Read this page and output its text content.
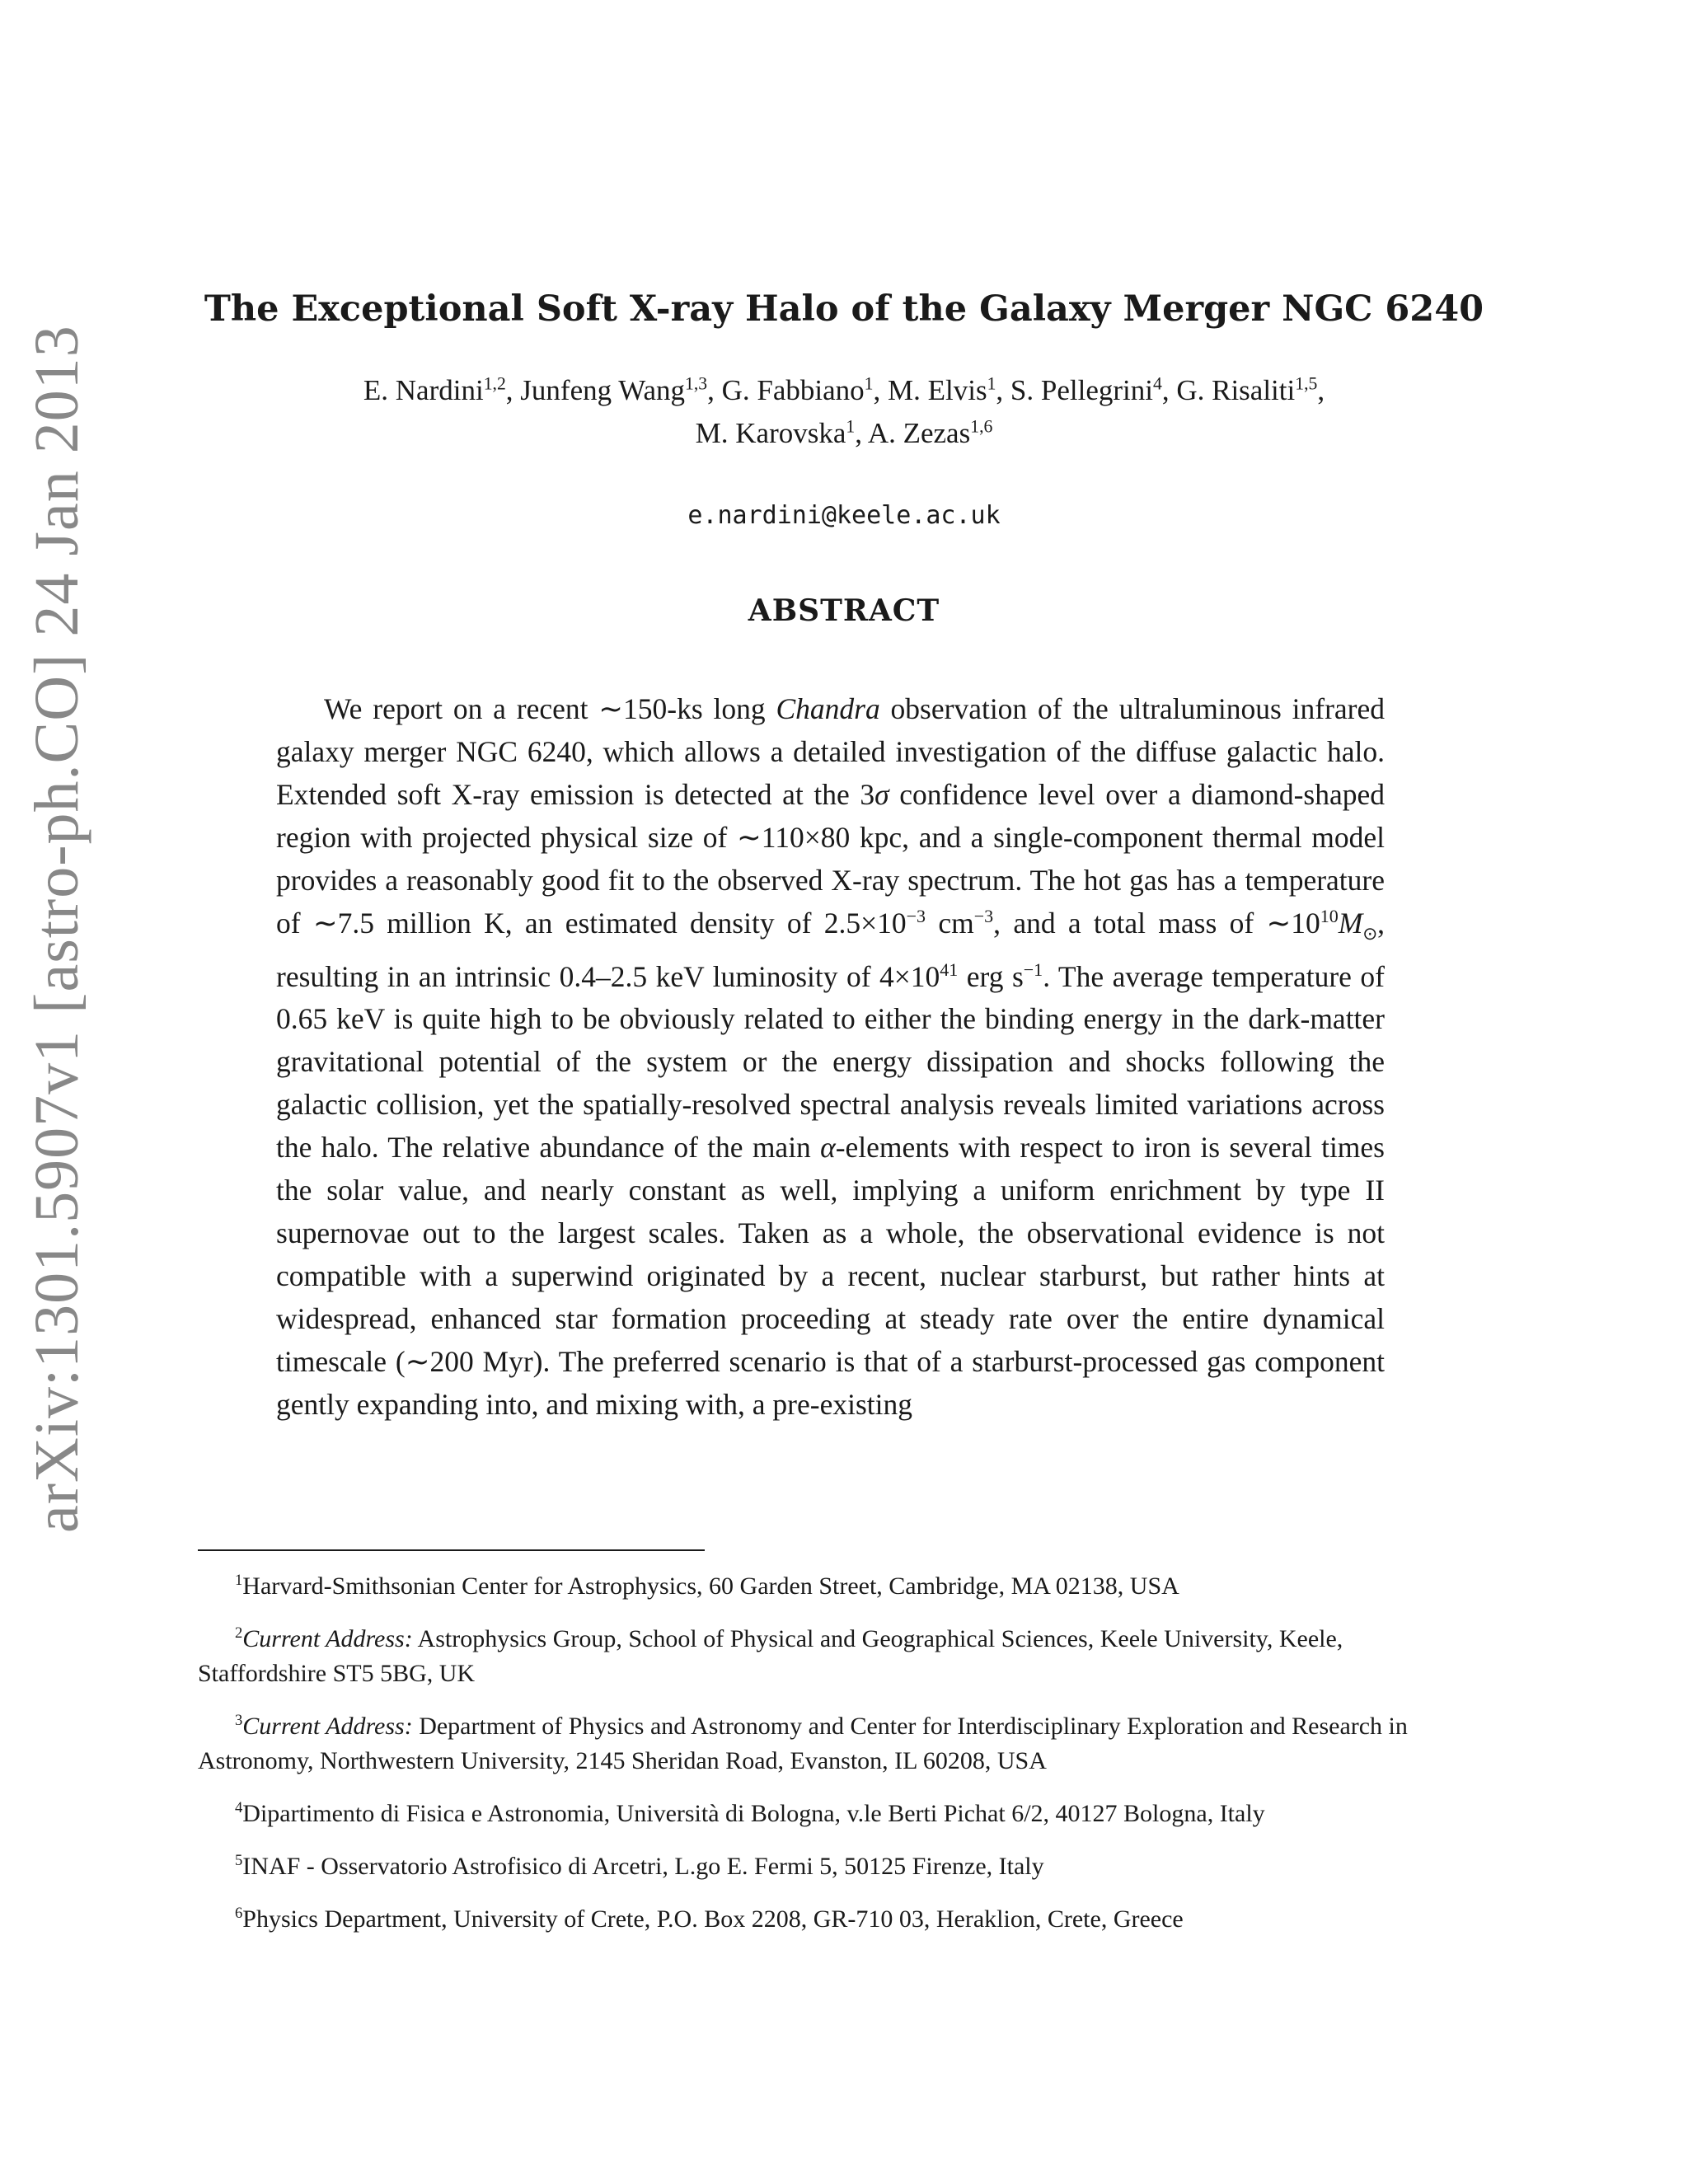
arXiv:1301.5907v1 [astro-ph.CO] 24 Jan 2013
The Exceptional Soft X-ray Halo of the Galaxy Merger NGC 6240
E. Nardini$^{1,2}$, Junfeng Wang$^{1,3}$, G. Fabbiano$^1$, M. Elvis$^1$, S. Pellegrini$^4$, G. Risaliti$^{1,5}$,
M. Karovska$^1$, A. Zezas$^{1,6}$
e.nardini@keele.ac.uk
ABSTRACT
We report on a recent ∼150-ks long Chandra observation of the ultraluminous infrared galaxy merger NGC 6240, which allows a detailed investigation of the diffuse galactic halo. Extended soft X-ray emission is detected at the 3σ confidence level over a diamond-shaped region with projected physical size of ∼110×80 kpc, and a single-component thermal model provides a reasonably good fit to the observed X-ray spectrum. The hot gas has a temperature of ∼7.5 million K, an estimated density of $2.5\times 10^{-3}$ $cm^{-3}$, and a total mass of $\sim 10^{10}M_⊙$, resulting in an intrinsic 0.4–2.5 keV luminosity of $4\times 10^{41}$ erg $s^{-1}$. The average temperature of 0.65 keV is quite high to be obviously related to either the binding energy in the dark-matter gravitational potential of the system or the energy dissipation and shocks following the galactic collision, yet the spatially-resolved spectral analysis reveals limited variations across the halo. The relative abundance of the main α-elements with respect to iron is several times the solar value, and nearly constant as well, implying a uniform enrichment by type II supernovae out to the largest scales. Taken as a whole, the observational evidence is not compatible with a superwind originated by a recent, nuclear starburst, but rather hints at widespread, enhanced star formation proceeding at steady rate over the entire dynamical timescale (∼200 Myr). The preferred scenario is that of a starburst-processed gas component gently expanding into, and mixing with, a pre-existing

$^1$Harvard-Smithsonian Center for Astrophysics, 60 Garden Street, Cambridge, MA 02138, USA

$^2$Current Address: Astrophysics Group, School of Physical and Geographical Sciences, Keele University, Keele, Staffordshire ST5 5BG, UK

$^3$Current Address: Department of Physics and Astronomy and Center for Interdisciplinary Exploration and Research in Astronomy, Northwestern University, 2145 Sheridan Road, Evanston, IL 60208, USA

$^4$Dipartimento di Fisica e Astronomia, Università di Bologna, v.le Berti Pichat 6/2, 40127 Bologna, Italy

$^5$INAF - Osservatorio Astrofisico di Arcetri, L.go E. Fermi 5, 50125 Firenze, Italy

$^6$Physics Department, University of Crete, P.O. Box 2208, GR-710 03, Heraklion, Crete, Greece
